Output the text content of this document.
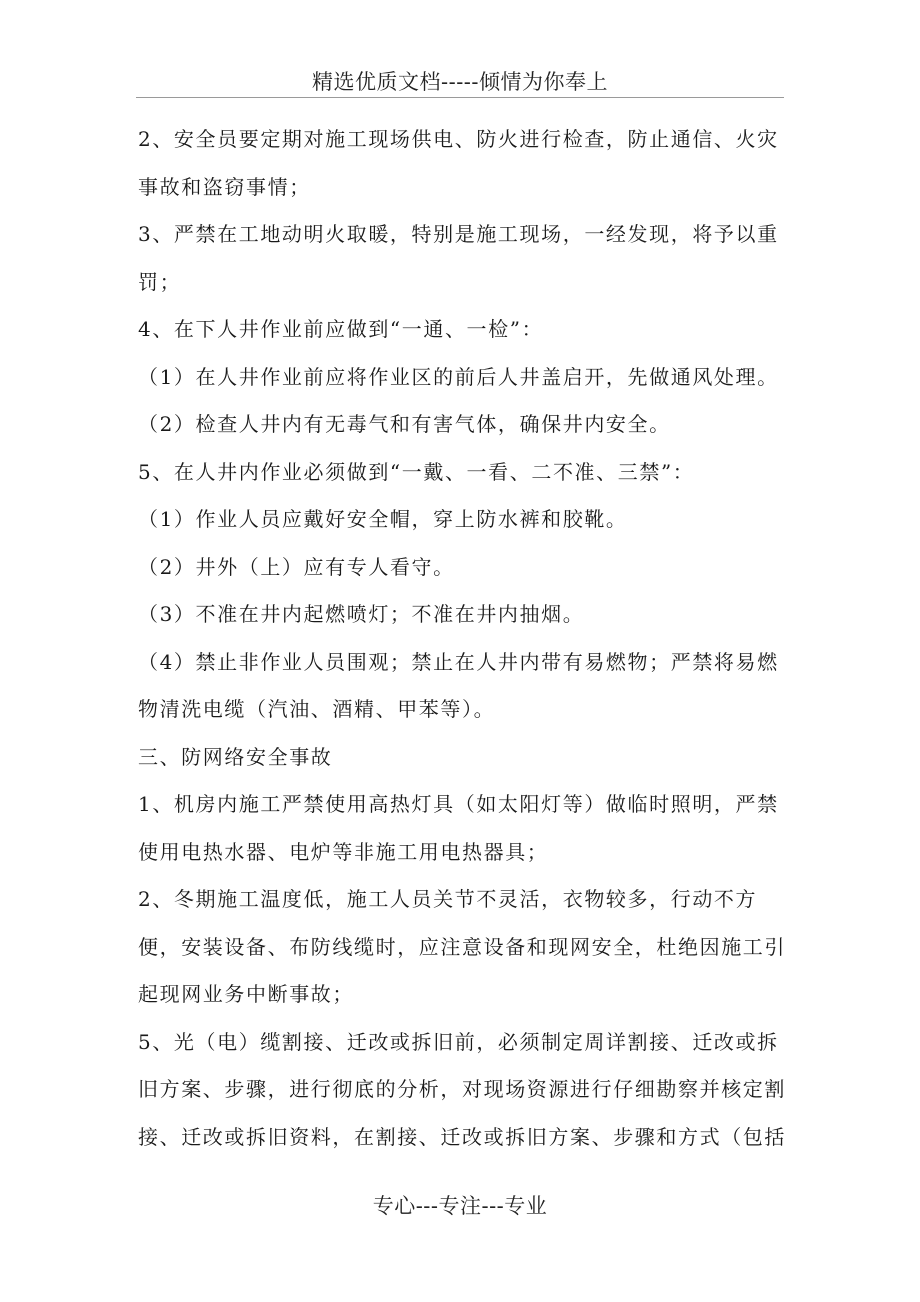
精选优质文档-----倾情为你奉上

2、安全员要定期对施工现场供电、防火进行检查，防止通信、火灾事故和盗窃事情；

3、严禁在工地动明火取暖，特别是施工现场，一经发现，将予以重罚；

4、在下人井作业前应做到“一通、一检”：

（1）在人井作业前应将作业区的前后人井盖启开，先做通风处理。

（2）检查人井内有无毒气和有害气体，确保井内安全。

5、在人井内作业必须做到“一戴、一看、二不准、三禁”：

（1）作业人员应戴好安全帽，穿上防水裤和胶靴。

（2）井外（上）应有专人看守。

（3）不准在井内起燃喷灯；不准在井内抽烟。

（4）禁止非作业人员围观；禁止在人井内带有易燃物；严禁将易燃物清洗电缆（汽油、酒精、甲苯等）。

三、防网络安全事故

1、机房内施工严禁使用高热灯具（如太阳灯等）做临时照明，严禁使用电热水器、电炉等非施工用电热器具；

2、冬期施工温度低，施工人员关节不灵活，衣物较多，行动不方便，安装设备、布防线缆时，应注意设备和现网安全，杜绝因施工引起现网业务中断事故；

5、光（电）缆割接、迁改或拆旧前，必须制定周详割接、迁改或拆旧方案、步骤，进行彻底的分析，对现场资源进行仔细勘察并核定割接、迁改或拆旧资料，在割接、迁改或拆旧方案、步骤和方式（包括

专心---专注---专业
